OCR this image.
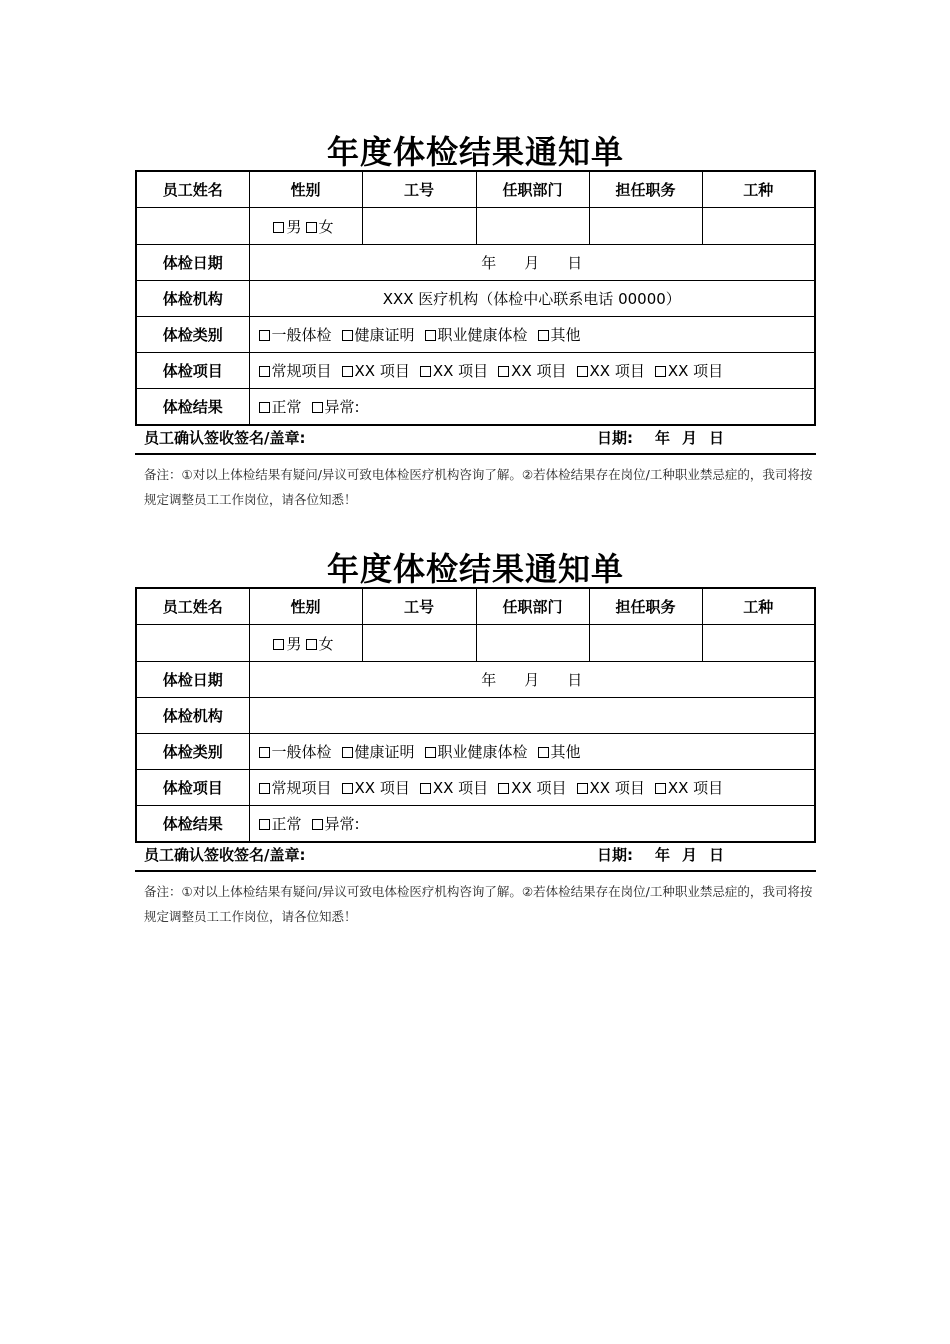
年度体检结果通知单
员工姓名	性别	工号	任职部门	担任职务	工种
	男 女				
体检日期	年 月 日				
体检机构	XXX 医疗机构（体检中心联系电话 00000）				
体检类别	一般体检 健康证明 职业健康体检 其他				
体检项目	常规项目 XX 项目 XX 项目 XX 项目 XX 项目 XX 项目				
体检结果	正常 异常:				
员工确认签收签名/盖章:	日期: 年 月 日
备注：①对以上体检结果有疑问/异议可致电体检医疗机构咨询了解。②若体检结果存在岗位/工种职业禁忌症的，我司将按规定调整员工工作岗位，请各位知悉！
年度体检结果通知单
员工姓名	性别	工号	任职部门	担任职务	工种
	男 女				
体检日期	年 月 日				
体检机构					
体检类别	一般体检 健康证明 职业健康体检 其他				
体检项目	常规项目 XX 项目 XX 项目 XX 项目 XX 项目 XX 项目				
体检结果	正常 异常:				
员工确认签收签名/盖章:	日期: 年 月 日
备注：①对以上体检结果有疑问/异议可致电体检医疗机构咨询了解。②若体检结果存在岗位/工种职业禁忌症的，我司将按规定调整员工工作岗位，请各位知悉！
